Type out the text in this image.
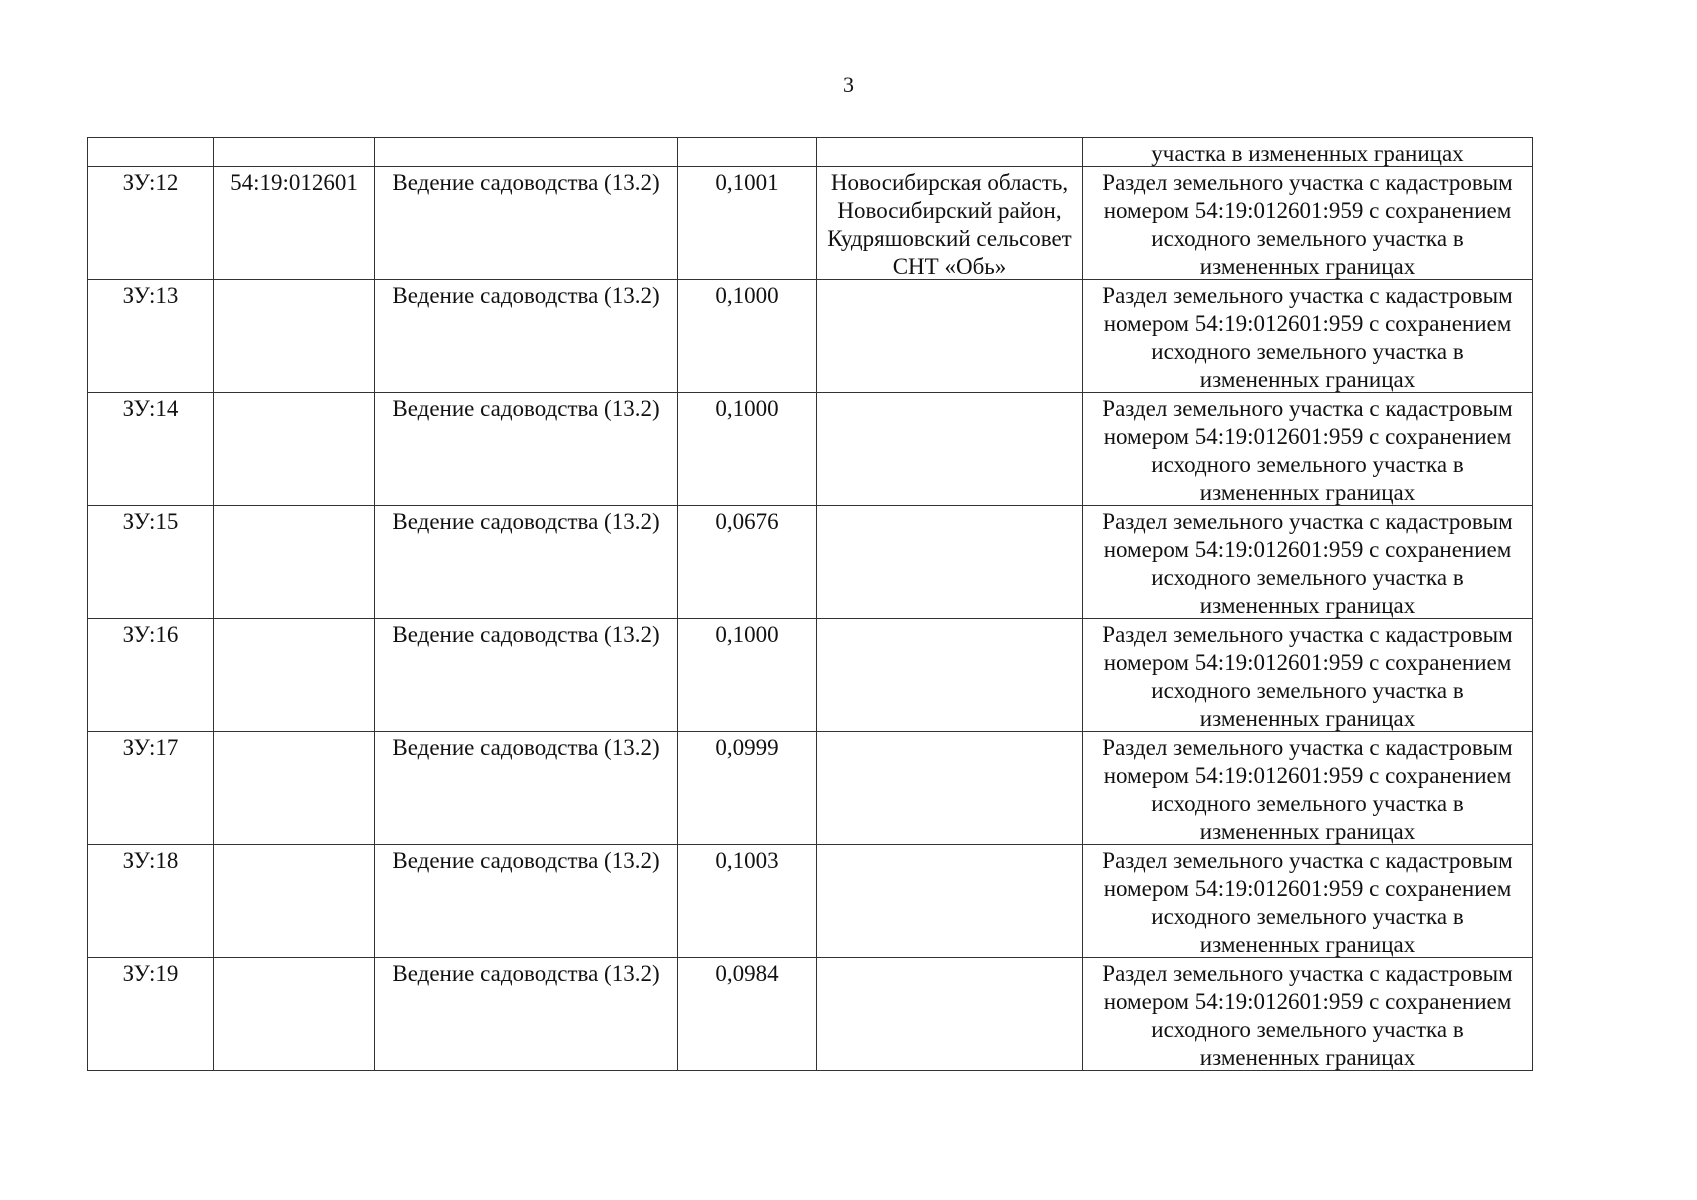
3
					участка в измененных границах

ЗУ:12	54:19:012601	Ведение садоводства (13.2)	0,1001	Новосибирская область, Новосибирский район, Кудряшовский сельсовет СНТ «Обь»	Раздел земельного участка с кадастровым номером 54:19:012601:959 с сохранением исходного земельного участка в измененных границах

ЗУ:13		Ведение садоводства (13.2)	0,1000		Раздел земельного участка с кадастровым номером 54:19:012601:959 с сохранением исходного земельного участка в измененных границах

ЗУ:14		Ведение садоводства (13.2)	0,1000		Раздел земельного участка с кадастровым номером 54:19:012601:959 с сохранением исходного земельного участка в измененных границах

ЗУ:15		Ведение садоводства (13.2)	0,0676		Раздел земельного участка с кадастровым номером 54:19:012601:959 с сохранением исходного земельного участка в измененных границах

ЗУ:16		Ведение садоводства (13.2)	0,1000		Раздел земельного участка с кадастровым номером 54:19:012601:959 с сохранением исходного земельного участка в измененных границах

ЗУ:17		Ведение садоводства (13.2)	0,0999		Раздел земельного участка с кадастровым номером 54:19:012601:959 с сохранением исходного земельного участка в измененных границах

ЗУ:18		Ведение садоводства (13.2)	0,1003		Раздел земельного участка с кадастровым номером 54:19:012601:959 с сохранением исходного земельного участка в измененных границах

ЗУ:19		Ведение садоводства (13.2)	0,0984		Раздел земельного участка с кадастровым номером 54:19:012601:959 с сохранением исходного земельного участка в измененных границах
